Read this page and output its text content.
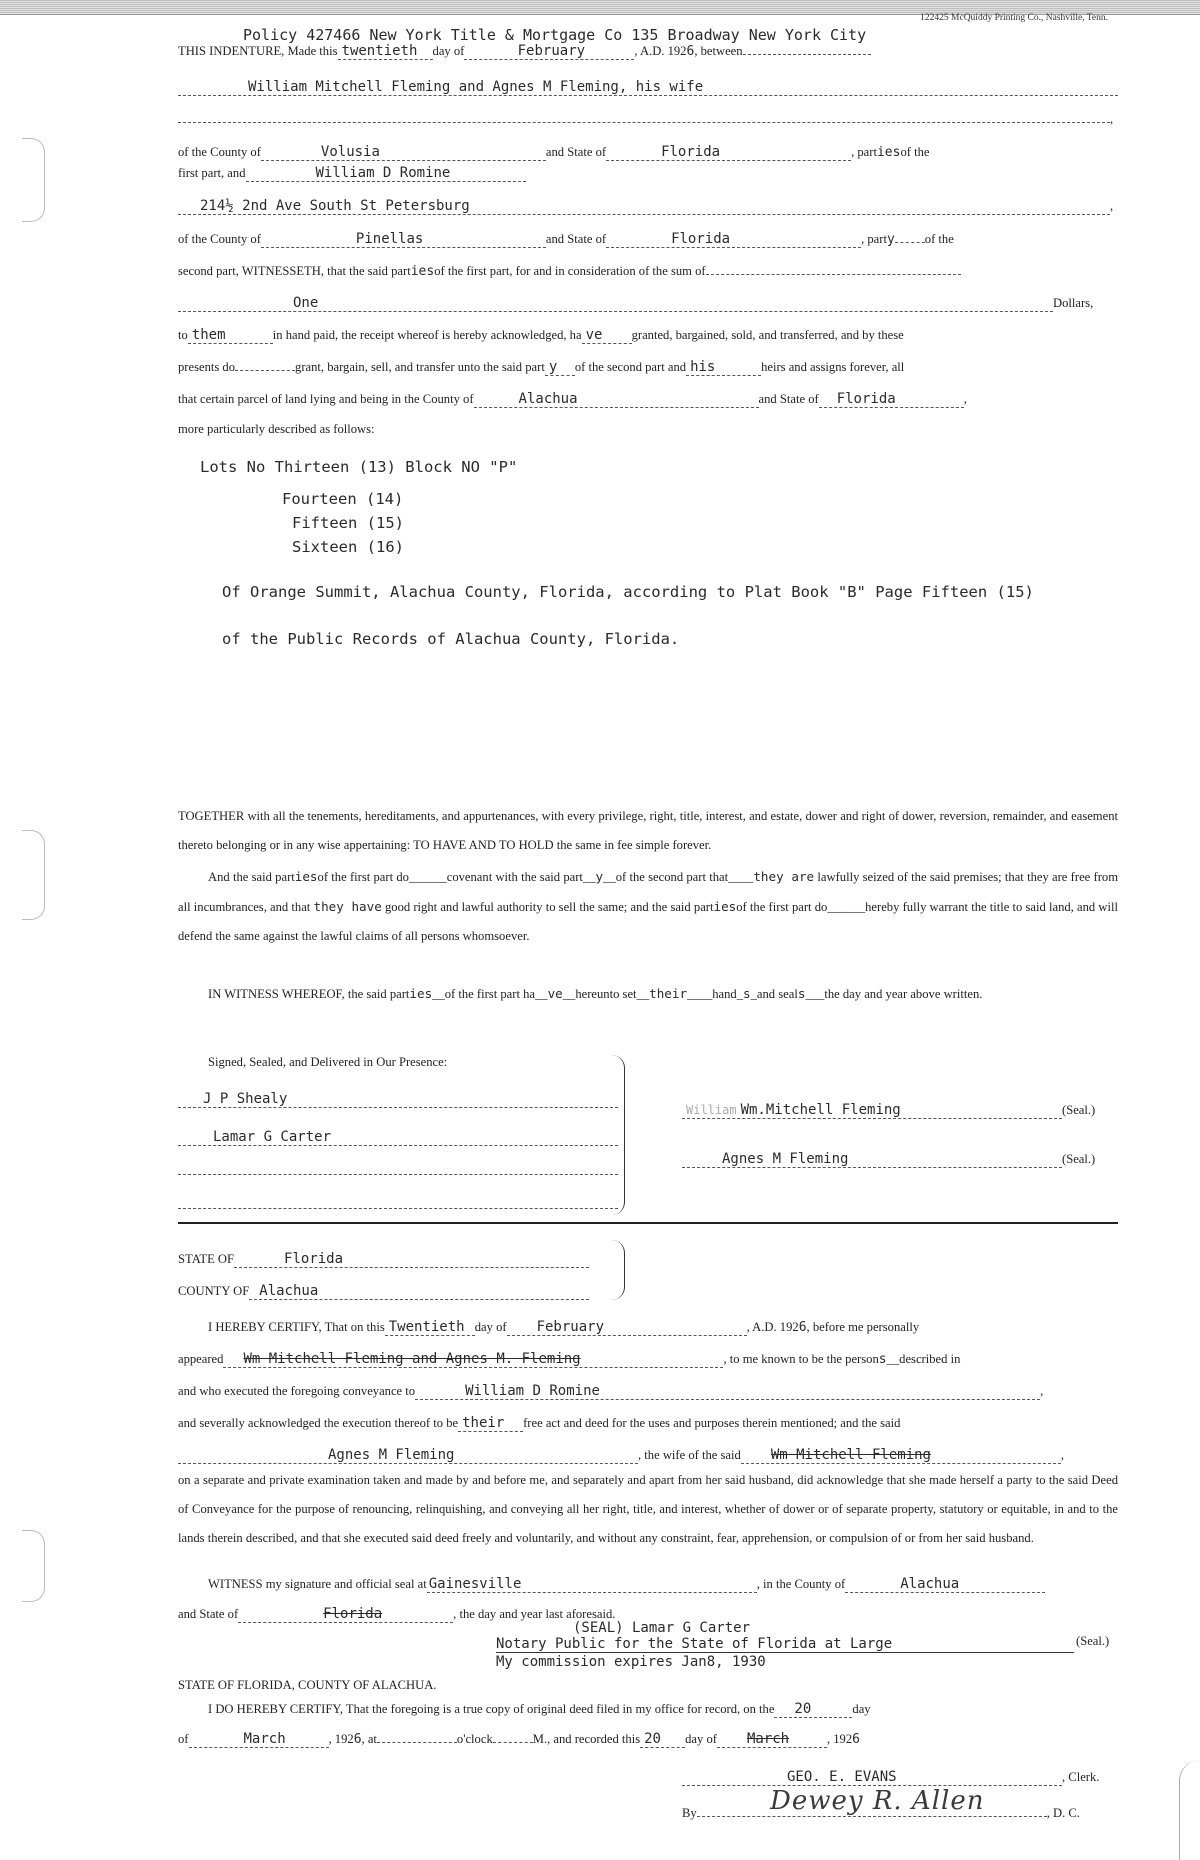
122425 McQuiddy Printing Co., Nashville, Tenn.
Policy 427466 New York Title & Mortgage Co 135 Broadway New York City
THIS INDENTURE, Made this twentieth day of	February	, A.D. 1926, between
William Mitchell Fleming and Agnes M Fleming, his wife
,
of the County of	Volusia	and State of	Florida	, partiesof the
first part, and	William D Romine
214½ 2nd Ave South St Petersburg	,
of the County of	Pinellas	and State of	Florida	, party of the
second part, WITNESSETH, that the said partiesof the first part, for and in consideration of the sum of
One	Dollars,
to them	in hand paid, the receipt whereof is hereby acknowledged, ha ve granted, bargained, sold, and transferred, and by these
presents do	grant, bargain, sell, and transfer unto the said part y of the second part and his	heirs and assigns forever, all
that certain parcel of land lying and being in the County of	Alachua	and State of Florida	,
more particularly described as follows:
Lots No Thirteen (13) Block NO "P"
Fourteen (14)
Fifteen (15)
Sixteen (16)
Of Orange Summit, Alachua County, Florida, according to Plat Book "B" Page Fifteen (15)
of the Public Records of Alachua County, Florida.
TOGETHER with all the tenements, hereditaments, and appurtenances, with every privilege, right, title, interest, and estate, dower and right of dower, reversion, remainder, and easement thereto belonging or in any wise appertaining: TO HAVE AND TO HOLD the same in fee simple forever.
And the said partiesof the first part do______covenant with the said part__y__of the second part that____they are lawfully seized of the said premises; that they are free from all incumbrances, and that they have good right and lawful authority to sell the same; and the said partiesof the first part do______hereby fully warrant the title to said land, and will defend the same against the lawful claims of all persons whomsoever.
IN WITNESS WHEREOF, the said parties__of the first part ha__ve__hereunto set__their____hand_s_and seals___the day and year above written.
Signed, Sealed, and Delivered in Our Presence:
J P Shealy
Lamar G Carter
William Wm.Mitchell Fleming	(Seal.)
Agnes M Fleming	(Seal.)
STATE OF	Florida
COUNTY OF Alachua
I HEREBY CERTIFY, That on this Twentieth day of February	, A.D. 1926, before me personally
appeared Wm Mitchell Fleming and Agnes M. Fleming	, to me known to be the persons__described in
and who executed the foregoing conveyance to	William D Romine	,
and severally acknowledged the execution thereof to be their free act and deed for the uses and purposes therein mentioned; and the said
Agnes M Fleming	, the wife of the said Wm Mitchell Fleming	,
on a separate and private examination taken and made by and before me, and separately and apart from her said husband, did acknowledge that she made herself a party to the said Deed of Conveyance for the purpose of renouncing, relinquishing, and conveying all her right, title, and interest, whether of dower or of separate property, statutory or equitable, in and to the lands therein described, and that she executed said deed freely and voluntarily, and without any constraint, fear, apprehension, or compulsion of or from her said husband.
WITNESS my signature and official seal at Gainesville	, in the County of	Alachua
and State of	Florida	, the day and year last aforesaid.
(SEAL) Lamar G Carter
Notary Public for the State of Florida at Large	(Seal.)
My commission expires Jan8, 1930
STATE OF FLORIDA, COUNTY OF ALACHUA.
I DO HEREBY CERTIFY, That the foregoing is a true copy of original deed filed in my office for record, on the 20	day
of	March	, 1926, at	o'clock	M., and recorded this 20 day of March	, 1926
GEO. E. EVANS	, Clerk.
By	, D. C.
Dewey R. Allen
